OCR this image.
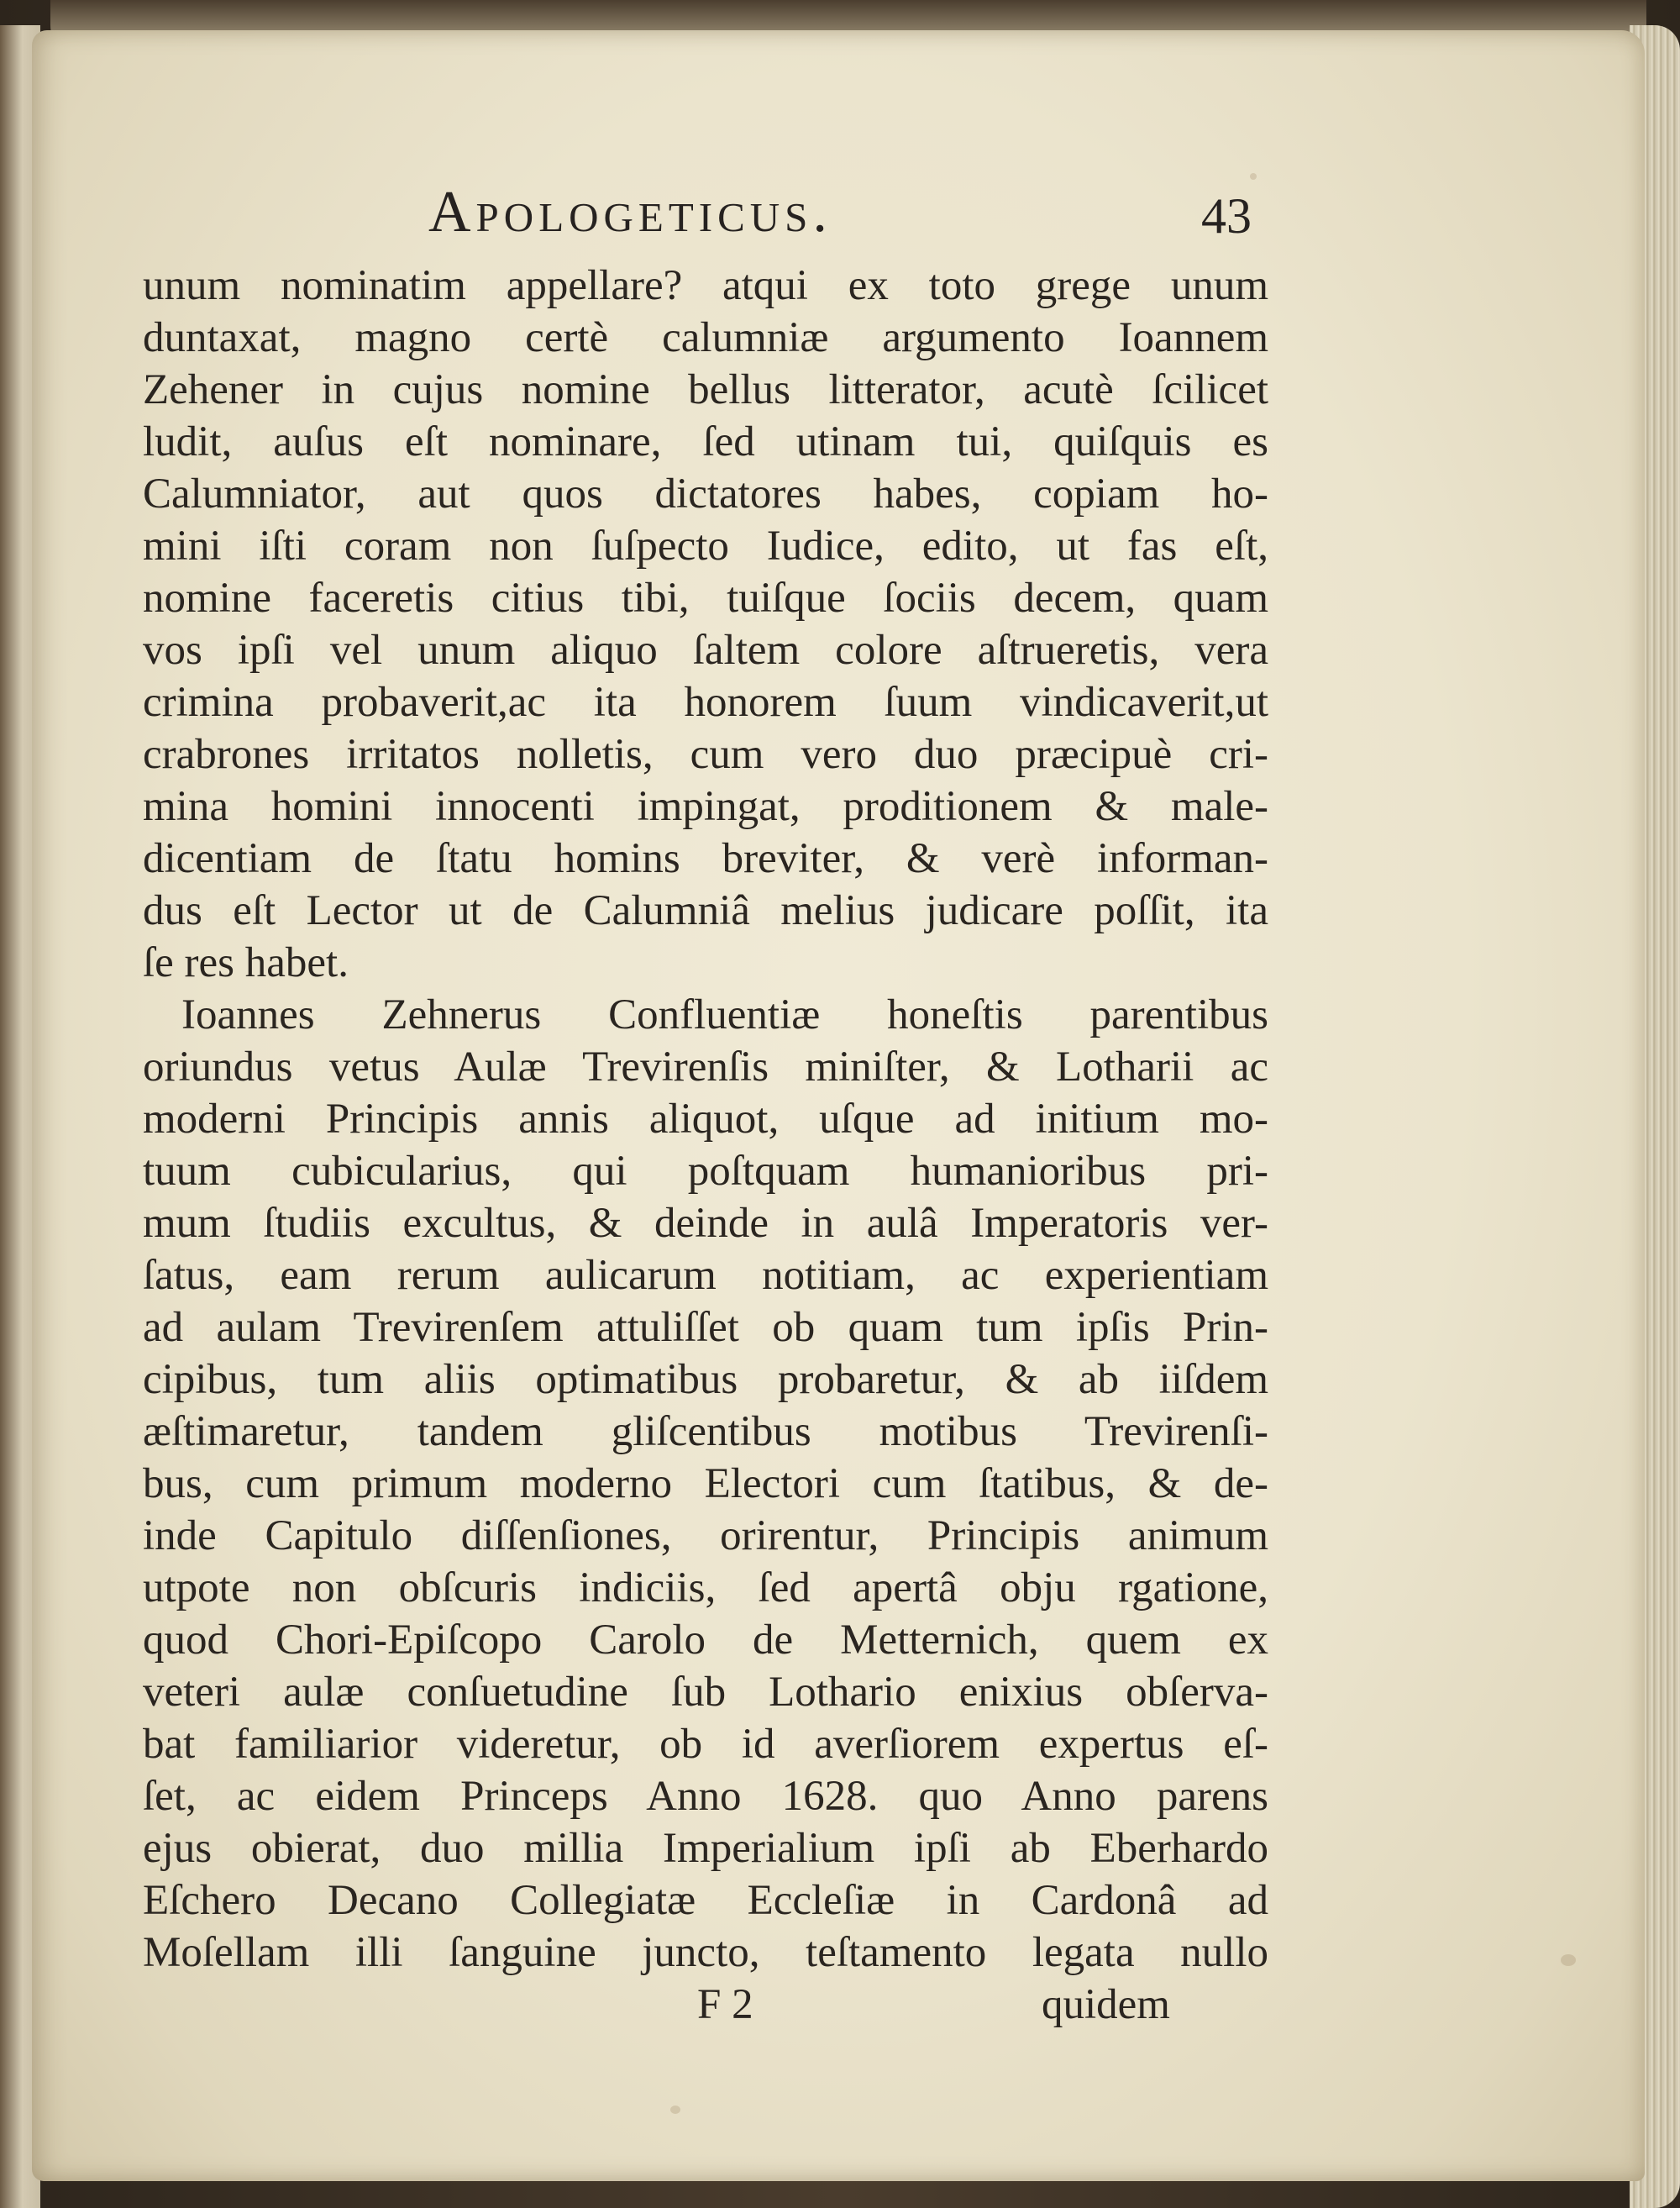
Apologeticus.	43
unum nominatim appellare? atqui ex toto grege unum
duntaxat, magno certè calumniæ argumento Ioannem
Zehener in cujus nomine bellus litterator, acutè ſcilicet
ludit, auſus eſt nominare, ſed utinam tui, quiſquis es
Calumniator, aut quos dictatores habes, copiam ho-
mini iſti coram non ſuſpecto Iudice, edito, ut fas eſt,
nomine faceretis citius tibi, tuiſque ſociis decem, quam
vos ipſi vel unum aliquo ſaltem colore aſtrueretis, vera
crimina probaverit,ac ita honorem ſuum vindicaverit,ut
crabrones irritatos nolletis, cum vero duo præcipuè cri-
mina homini innocenti impingat, proditionem & male-
dicentiam de ſtatu homins breviter, & verè informan-
dus eſt Lector ut de Calumniâ melius judicare poſſit, ita
ſe res habet.
Ioannes Zehnerus Confluentiæ honeſtis parentibus
oriundus vetus Aulæ Trevirenſis miniſter, & Lotharii ac
moderni Principis annis aliquot, uſque ad initium mo-
tuum cubicularius, qui poſtquam humanioribus pri-
mum ſtudiis excultus, & deinde in aulâ Imperatoris ver-
ſatus, eam rerum aulicarum notitiam, ac experientiam
ad aulam Trevirenſem attuliſſet ob quam tum ipſis Prin-
cipibus, tum aliis optimatibus probaretur, & ab iiſdem
æſtimaretur, tandem gliſcentibus motibus Trevirenſi-
bus, cum primum moderno Electori cum ſtatibus, & de-
inde Capitulo diſſenſiones, orirentur, Principis animum
utpote non obſcuris indiciis, ſed apertâ obju rgatione,
quod Chori-Epiſcopo Carolo de Metternich, quem ex
veteri aulæ conſuetudine ſub Lothario enixius obſerva-
bat familiarior videretur, ob id averſiorem expertus eſ-
ſet, ac eidem Princeps Anno 1628. quo Anno parens
ejus obierat, duo millia Imperialium ipſi ab Eberhardo
Eſchero Decano Collegiatæ Eccleſiæ in Cardonâ ad
Moſellam illi ſanguine juncto, teſtamento legata nullo
F 2	quidem
